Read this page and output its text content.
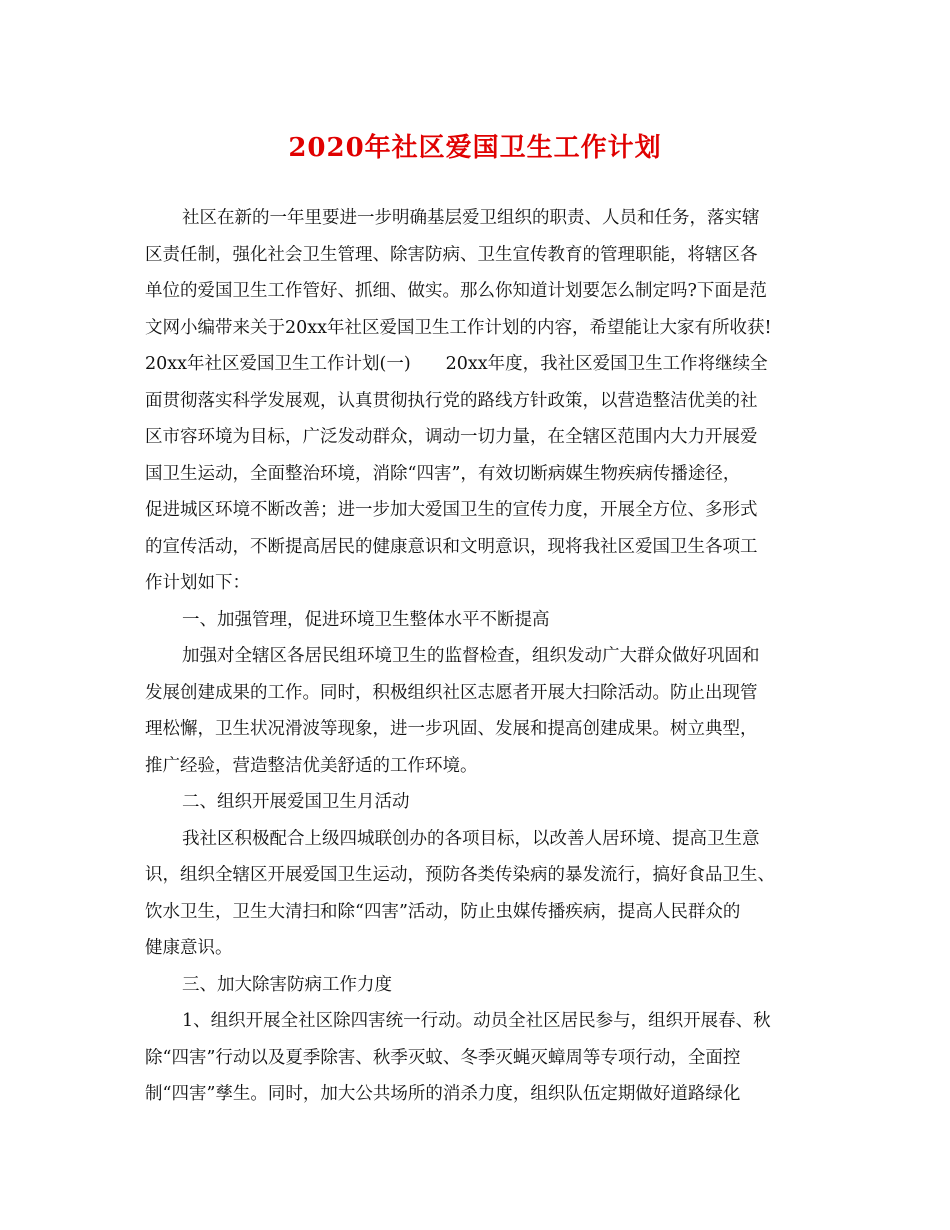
2020年社区爱国卫生工作计划
社区在新的一年里要进一步明确基层爱卫组织的职责、人员和任务，落实辖
区责任制，强化社会卫生管理、除害防病、卫生宣传教育的管理职能，将辖区各
单位的爱国卫生工作管好、抓细、做实。那么你知道计划要怎么制定吗?下面是范
文网小编带来关于20xx年社区爱国卫生工作计划的内容，希望能让大家有所收获!
20xx年社区爱国卫生工作计划(一)　　20xx年度，我社区爱国卫生工作将继续全
面贯彻落实科学发展观，认真贯彻执行党的路线方针政策，以营造整洁优美的社
区市容环境为目标，广泛发动群众，调动一切力量，在全辖区范围内大力开展爱
国卫生运动，全面整治环境，消除“四害”，有效切断病媒生物疾病传播途径，
促进城区环境不断改善；进一步加大爱国卫生的宣传力度，开展全方位、多形式
的宣传活动，不断提高居民的健康意识和文明意识，现将我社区爱国卫生各项工
作计划如下：
一、加强管理，促进环境卫生整体水平不断提高
加强对全辖区各居民组环境卫生的监督检查，组织发动广大群众做好巩固和
发展创建成果的工作。同时，积极组织社区志愿者开展大扫除活动。防止出现管
理松懈，卫生状况滑波等现象，进一步巩固、发展和提高创建成果。树立典型，
推广经验，营造整洁优美舒适的工作环境。
二、组织开展爱国卫生月活动
我社区积极配合上级四城联创办的各项目标，以改善人居环境、提高卫生意
识，组织全辖区开展爱国卫生运动，预防各类传染病的暴发流行，搞好食品卫生、
饮水卫生，卫生大清扫和除“四害”活动，防止虫媒传播疾病，提高人民群众的
健康意识。
三、加大除害防病工作力度
1、组织开展全社区除四害统一行动。动员全社区居民参与，组织开展春、秋
除“四害”行动以及夏季除害、秋季灭蚊、冬季灭蝇灭蟑周等专项行动，全面控
制“四害”孳生。同时，加大公共场所的消杀力度，组织队伍定期做好道路绿化
